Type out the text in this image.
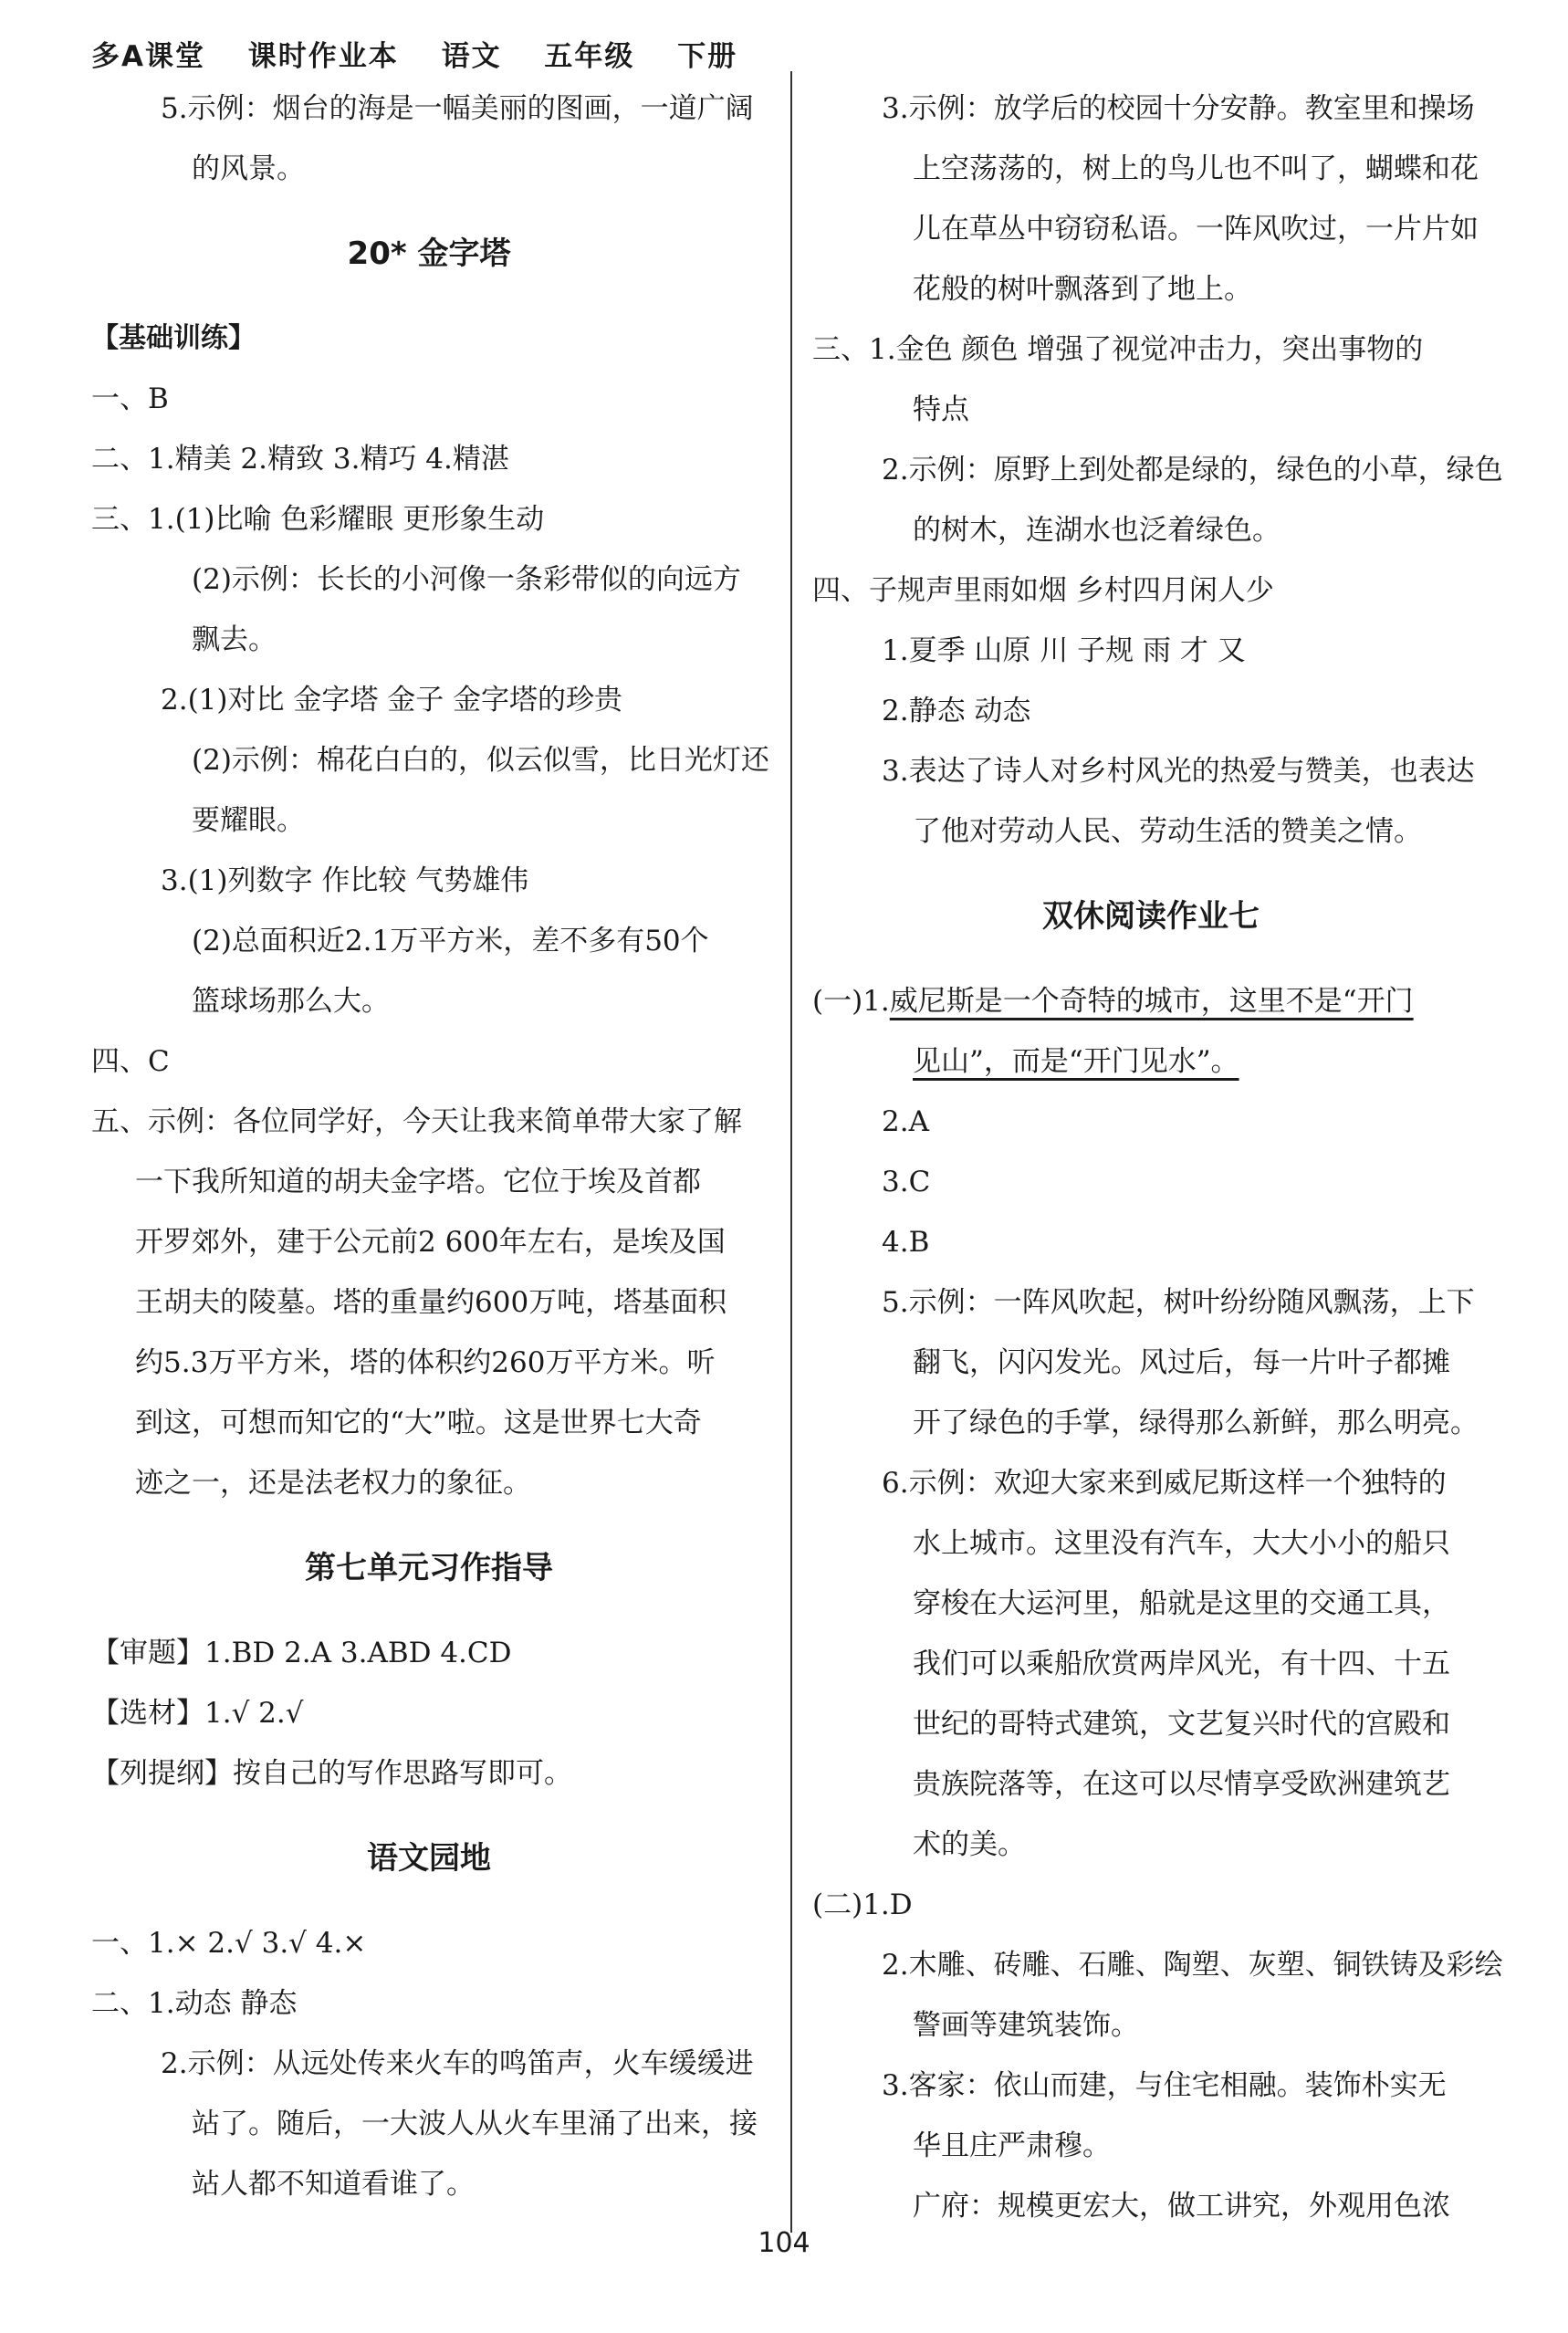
多A课堂 课时作业本 语文 五年级 下册
5.示例：烟台的海是一幅美丽的图画，一道广阔
的风景。
20* 金字塔
【基础训练】
一、B
二、1.精美 2.精致 3.精巧 4.精湛
三、1.(1)比喻 色彩耀眼 更形象生动
(2)示例：长长的小河像一条彩带似的向远方
飘去。
2.(1)对比 金字塔 金子 金字塔的珍贵
(2)示例：棉花白白的，似云似雪，比日光灯还
要耀眼。
3.(1)列数字 作比较 气势雄伟
(2)总面积近2.1万平方米，差不多有50个
篮球场那么大。
四、C
五、示例：各位同学好，今天让我来简单带大家了解
一下我所知道的胡夫金字塔。它位于埃及首都
开罗郊外，建于公元前2 600年左右，是埃及国
王胡夫的陵墓。塔的重量约600万吨，塔基面积
约5.3万平方米，塔的体积约260万平方米。听
到这，可想而知它的“大”啦。这是世界七大奇
迹之一，还是法老权力的象征。
第七单元习作指导
【审题】1.BD 2.A 3.ABD 4.CD
【选材】1.√ 2.√
【列提纲】按自己的写作思路写即可。
语文园地
一、1.× 2.√ 3.√ 4.×
二、1.动态 静态
2.示例：从远处传来火车的鸣笛声，火车缓缓进
站了。随后，一大波人从火车里涌了出来，接
站人都不知道看谁了。
3.示例：放学后的校园十分安静。教室里和操场
上空荡荡的，树上的鸟儿也不叫了，蝴蝶和花
儿在草丛中窃窃私语。一阵风吹过，一片片如
花般的树叶飘落到了地上。
三、1.金色 颜色 增强了视觉冲击力，突出事物的
特点
2.示例：原野上到处都是绿的，绿色的小草，绿色
的树木，连湖水也泛着绿色。
四、子规声里雨如烟 乡村四月闲人少
1.夏季 山原 川 子规 雨 才 又
2.静态 动态
3.表达了诗人对乡村风光的热爱与赞美，也表达
了他对劳动人民、劳动生活的赞美之情。
双休阅读作业七
(一)1.威尼斯是一个奇特的城市，这里不是“开门
见山”，而是“开门见水”。
2.A
3.C
4.B
5.示例：一阵风吹起，树叶纷纷随风飘荡，上下
翻飞，闪闪发光。风过后，每一片叶子都摊
开了绿色的手掌，绿得那么新鲜，那么明亮。
6.示例：欢迎大家来到威尼斯这样一个独特的
水上城市。这里没有汽车，大大小小的船只
穿梭在大运河里，船就是这里的交通工具，
我们可以乘船欣赏两岸风光，有十四、十五
世纪的哥特式建筑，文艺复兴时代的宫殿和
贵族院落等，在这可以尽情享受欧洲建筑艺
术的美。
(二)1.D
2.木雕、砖雕、石雕、陶塑、灰塑、铜铁铸及彩绘
警画等建筑装饰。
3.客家：依山而建，与住宅相融。装饰朴实无
华且庄严肃穆。
广府：规模更宏大，做工讲究，外观用色浓
104
